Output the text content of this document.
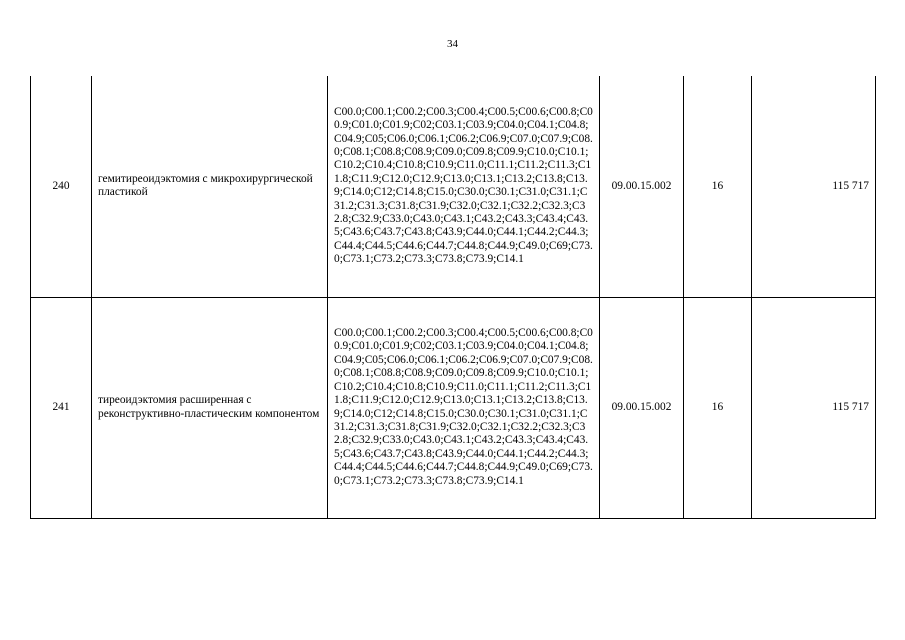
34
240	гемитиреоидэктомия с микрохирургической пластикой	C00.0;C00.1;C00.2;C00.3;C00.4;C00.5;C00.6;C00.8;C00.9;C01.0;C01.9;C02;C03.1;C03.9;C04.0;C04.1;C04.8;C04.9;C05;C06.0;C06.1;C06.2;C06.9;C07.0;C07.9;C08.0;C08.1;C08.8;C08.9;C09.0;C09.8;C09.9;C10.0;C10.1;C10.2;C10.4;C10.8;C10.9;C11.0;C11.1;C11.2;C11.3;C11.8;C11.9;C12.0;C12.9;C13.0;C13.1;C13.2;C13.8;C13.9;C14.0;C12;C14.8;C15.0;C30.0;C30.1;C31.0;C31.1;C31.2;C31.3;C31.8;C31.9;C32.0;C32.1;C32.2;C32.3;C32.8;C32.9;C33.0;C43.0;C43.1;C43.2;C43.3;C43.4;C43.5;C43.6;C43.7;C43.8;C43.9;C44.0;C44.1;C44.2;C44.3;C44.4;C44.5;C44.6;C44.7;C44.8;C44.9;C49.0;C69;C73.0;C73.1;C73.2;C73.3;C73.8;C73.9;C14.1	09.00.15.002	16	115 717
241	тиреоидэктомия расширенная с реконструктивно-пластическим компонентом	C00.0;C00.1;C00.2;C00.3;C00.4;C00.5;C00.6;C00.8;C00.9;C01.0;C01.9;C02;C03.1;C03.9;C04.0;C04.1;C04.8;C04.9;C05;C06.0;C06.1;C06.2;C06.9;C07.0;C07.9;C08.0;C08.1;C08.8;C08.9;C09.0;C09.8;C09.9;C10.0;C10.1;C10.2;C10.4;C10.8;C10.9;C11.0;C11.1;C11.2;C11.3;C11.8;C11.9;C12.0;C12.9;C13.0;C13.1;C13.2;C13.8;C13.9;C14.0;C12;C14.8;C15.0;C30.0;C30.1;C31.0;C31.1;C31.2;C31.3;C31.8;C31.9;C32.0;C32.1;C32.2;C32.3;C32.8;C32.9;C33.0;C43.0;C43.1;C43.2;C43.3;C43.4;C43.5;C43.6;C43.7;C43.8;C43.9;C44.0;C44.1;C44.2;C44.3;C44.4;C44.5;C44.6;C44.7;C44.8;C44.9;C49.0;C69;C73.0;C73.1;C73.2;C73.3;C73.8;C73.9;C14.1	09.00.15.002	16	115 717
